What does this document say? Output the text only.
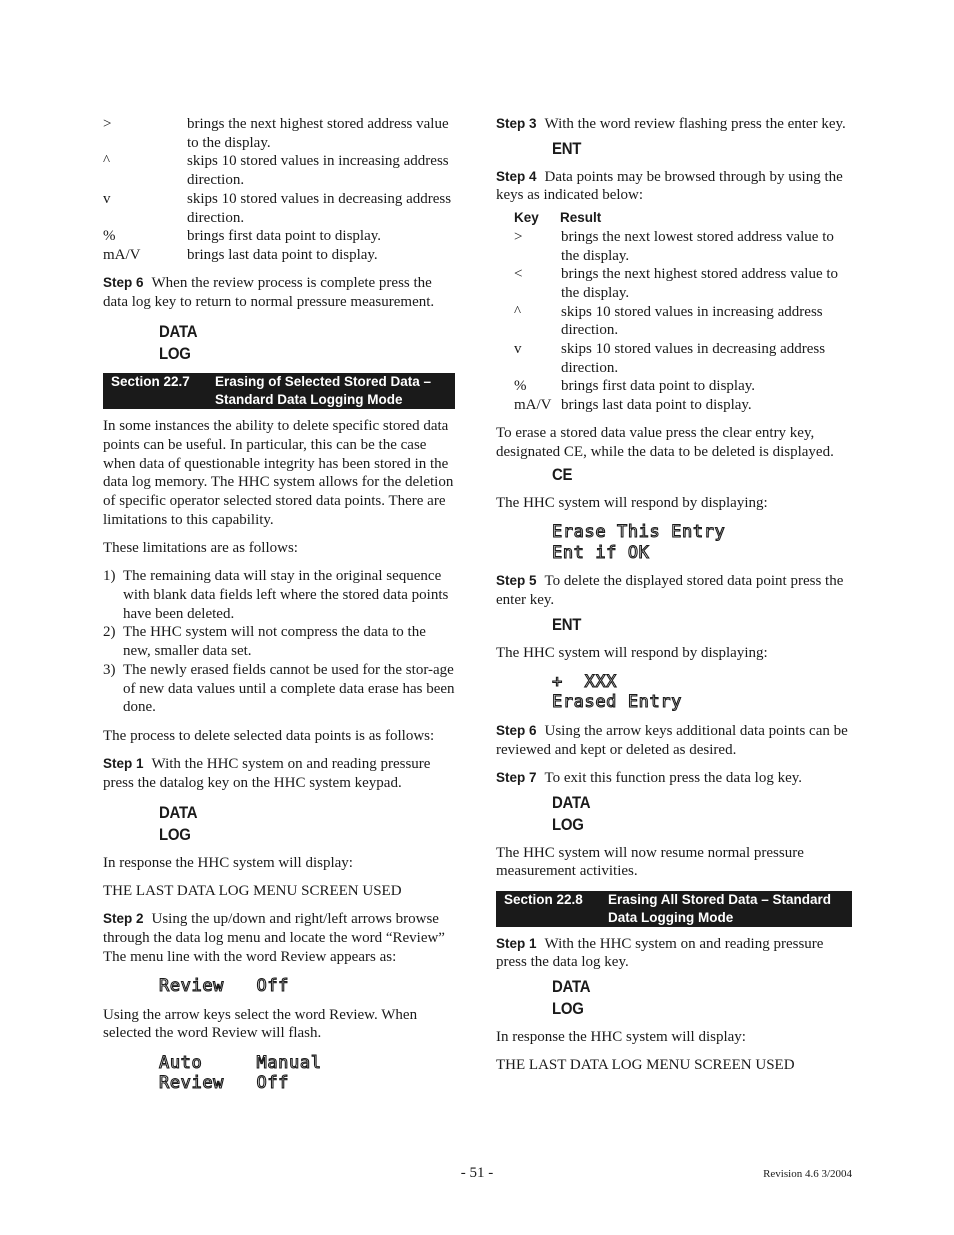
>	brings the next highest stored address value to the display.
^	skips 10 stored values in increasing address direction.
v	skips 10 stored values in decreasing address direction.
%	brings first data point to display.
mA/V	brings last data point to display.

Step 6 When the review process is complete press the data log key to return to normal pressure measurement.

DATA
LOG
Section 22.7	Erasing of Selected Stored Data – Standard Data Logging Mode

In some instances the ability to delete specific stored data points can be useful. In particular, this can be the case when data of questionable integrity has been stored in the data log memory. The HHC system allows for the deletion of specific operator selected stored data points. There are limitations to this capability.

These limitations are as follows:

1) The remaining data will stay in the original sequence with blank data fields left where the stored data points have been deleted.
2) The HHC system will not compress the data to the new, smaller data set.
3) The newly erased fields cannot be used for the stor-age of new data values until a complete data erase has been done.

The process to delete selected data points is as follows:

Step 1 With the HHC system on and reading pressure press the datalog key on the HHC system keypad.

DATA
LOG

In response the HHC system will display:

THE LAST DATA LOG MENU SCREEN USED

Step 2 Using the up/down and right/left arrows browse through the data log menu and locate the word “Review” The menu line with the word Review appears as:

Review   Off

Using the arrow keys select the word Review. When selected the word Review will flash.

Auto     Manual
Review   Off

Step 3 With the word review flashing press the enter key.

ENT

Step 4 Data points may be browsed through by using the keys as indicated below:

Key	Result
>	brings the next lowest stored address value to the display.
<	brings the next highest stored address value to the display.
^	skips 10 stored values in increasing address direction.
v	skips 10 stored values in decreasing address direction.
%	brings first data point to display.
mA/V brings last data point to display.

To erase a stored data value press the clear entry key, designated CE, while the data to be deleted is displayed.

CE

The HHC system will respond by displaying:

Erase This Entry
Ent if OK

Step 5 To delete the displayed stored data point press the enter key.

ENT

The HHC system will respond by displaying:

+  XXX
Erased Entry

Step 6 Using the arrow keys additional data points can be reviewed and kept or deleted as desired.

Step 7 To exit this function press the data log key.

DATA
LOG

The HHC system will now resume normal pressure measurement activities.

Section 22.8	Erasing All Stored Data – Standard Data Logging Mode

Step 1 With the HHC system on and reading pressure press the data log key.

DATA
LOG

In response the HHC system will display:

THE LAST DATA LOG MENU SCREEN USED

- 51 -	Revision 4.6 3/2004
